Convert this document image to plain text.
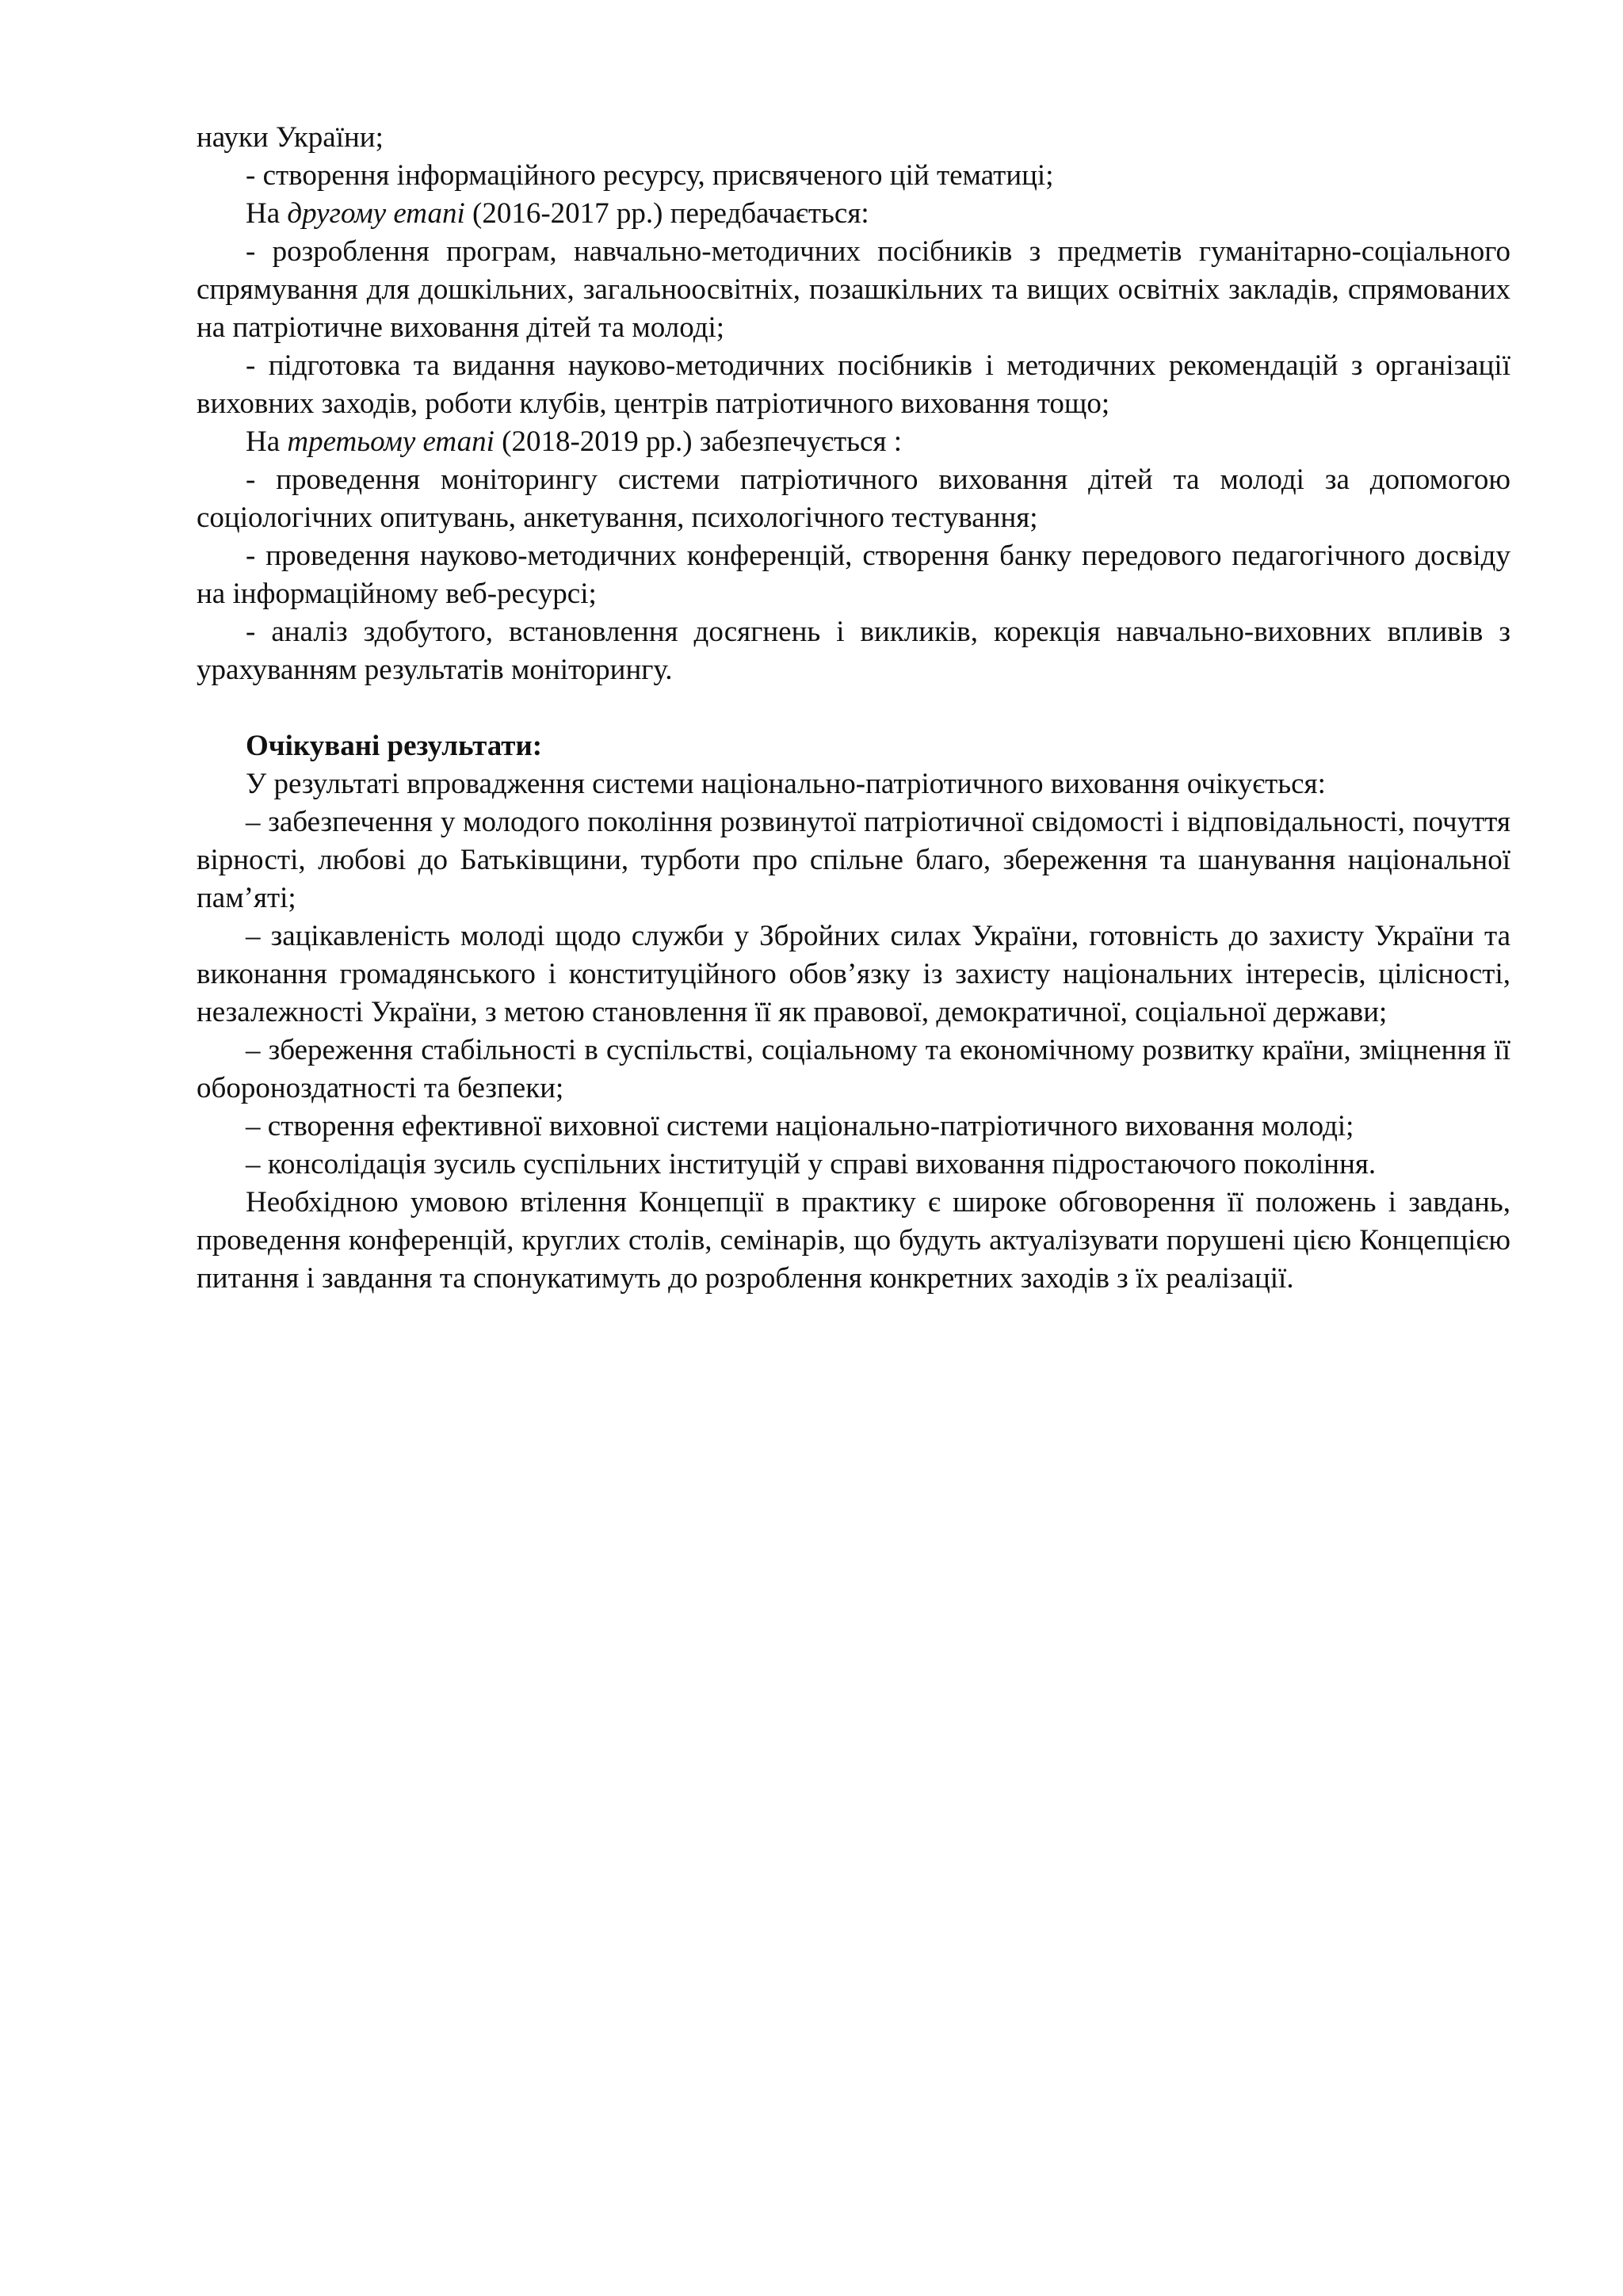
науки України;

- створення інформаційного ресурсу, присвяченого цій тематиці;

На другому етапі (2016-2017 рр.) передбачається:

- розроблення програм, навчально-методичних посібників з предметів гуманітарно-соціального спрямування для дошкільних, загальноосвітніх, позашкільних та вищих освітніх закладів, спрямованих на патріотичне виховання дітей та молоді;

- підготовка та видання науково-методичних посібників і методичних рекомендацій з організації виховних заходів, роботи клубів, центрів патріотичного виховання тощо;

На третьому етапі (2018-2019 рр.) забезпечується :

- проведення моніторингу системи патріотичного виховання дітей та молоді за допомогою соціологічних опитувань, анкетування, психологічного тестування;

- проведення науково-методичних конференцій, створення банку передового педагогічного досвіду на інформаційному веб-ресурсі;

- аналіз здобутого, встановлення досягнень і викликів, корекція навчально-виховних впливів з урахуванням результатів моніторингу.

Очікувані результати:

У результаті впровадження системи національно-патріотичного виховання очікується:

– забезпечення у молодого покоління розвинутої патріотичної свідомості і відповідальності, почуття вірності, любові до Батьківщини, турботи про спільне благо, збереження та шанування національної пам’яті;

– зацікавленість молоді щодо служби у Збройних силах України, готовність до захисту України та виконання громадянського і конституційного обов’язку із захисту національних інтересів, цілісності, незалежності України, з метою становлення її як правової, демократичної, соціальної держави;

– збереження стабільності в суспільстві, соціальному та економічному розвитку країни, зміцнення її обороноздатності та безпеки;

– створення ефективної виховної системи національно-патріотичного виховання молоді;

– консолідація зусиль суспільних інституцій у справі виховання підростаючого покоління.

Необхідною умовою втілення Концепції в практику є широке обговорення її положень і завдань, проведення конференцій, круглих столів, семінарів, що будуть актуалізувати порушені цією Концепцією питання і завдання та спонукатимуть до розроблення конкретних заходів з їх реалізації.
